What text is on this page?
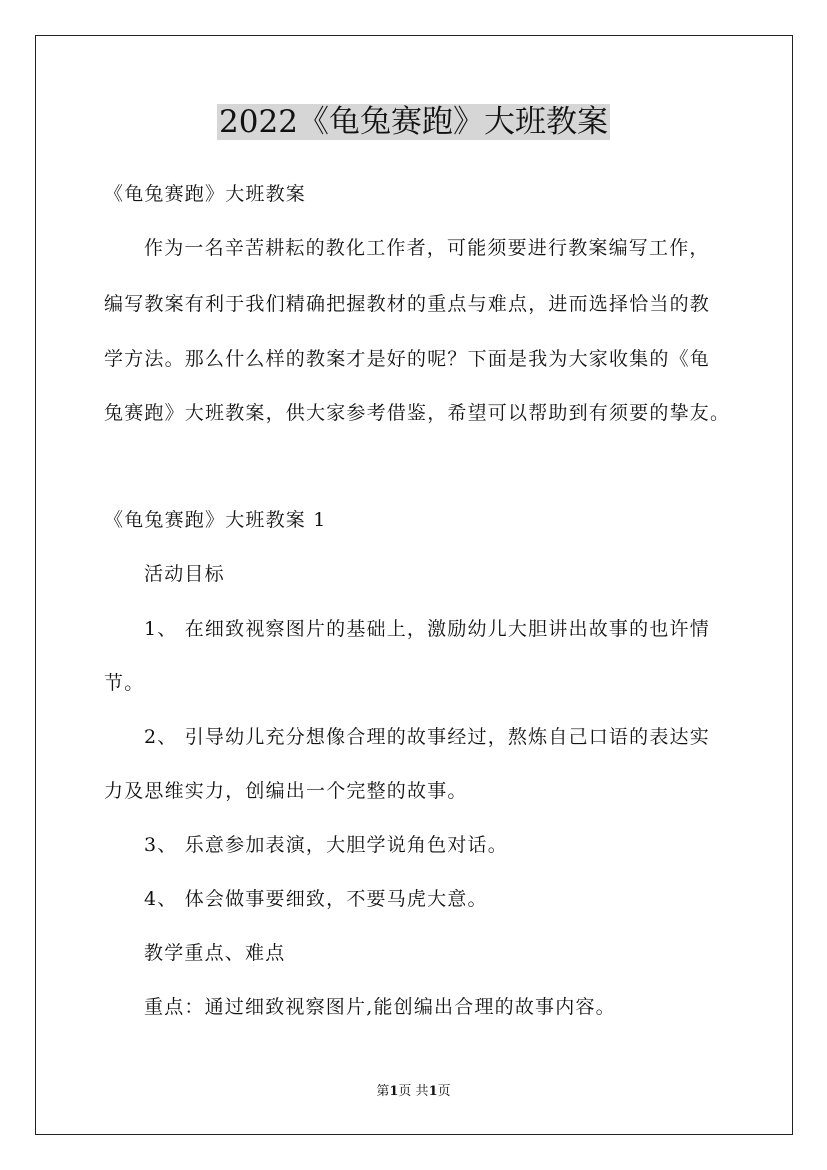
2022《龟兔赛跑》大班教案
《龟兔赛跑》大班教案
作为一名辛苦耕耘的教化工作者，可能须要进行教案编写工作，
编写教案有利于我们精确把握教材的重点与难点，进而选择恰当的教
学方法。那么什么样的教案才是好的呢？下面是我为大家收集的《龟
兔赛跑》大班教案，供大家参考借鉴，希望可以帮助到有须要的挚友。
《龟兔赛跑》大班教案 1
活动目标
1、 在细致视察图片的基础上，激励幼儿大胆讲出故事的也许情
节。
2、 引导幼儿充分想像合理的故事经过，熬炼自己口语的表达实
力及思维实力，创编出一个完整的故事。
3、 乐意参加表演，大胆学说角色对话。
4、 体会做事要细致，不要马虎大意。
教学重点、难点
重点：通过细致视察图片,能创编出合理的故事内容。
第1页 共1页
